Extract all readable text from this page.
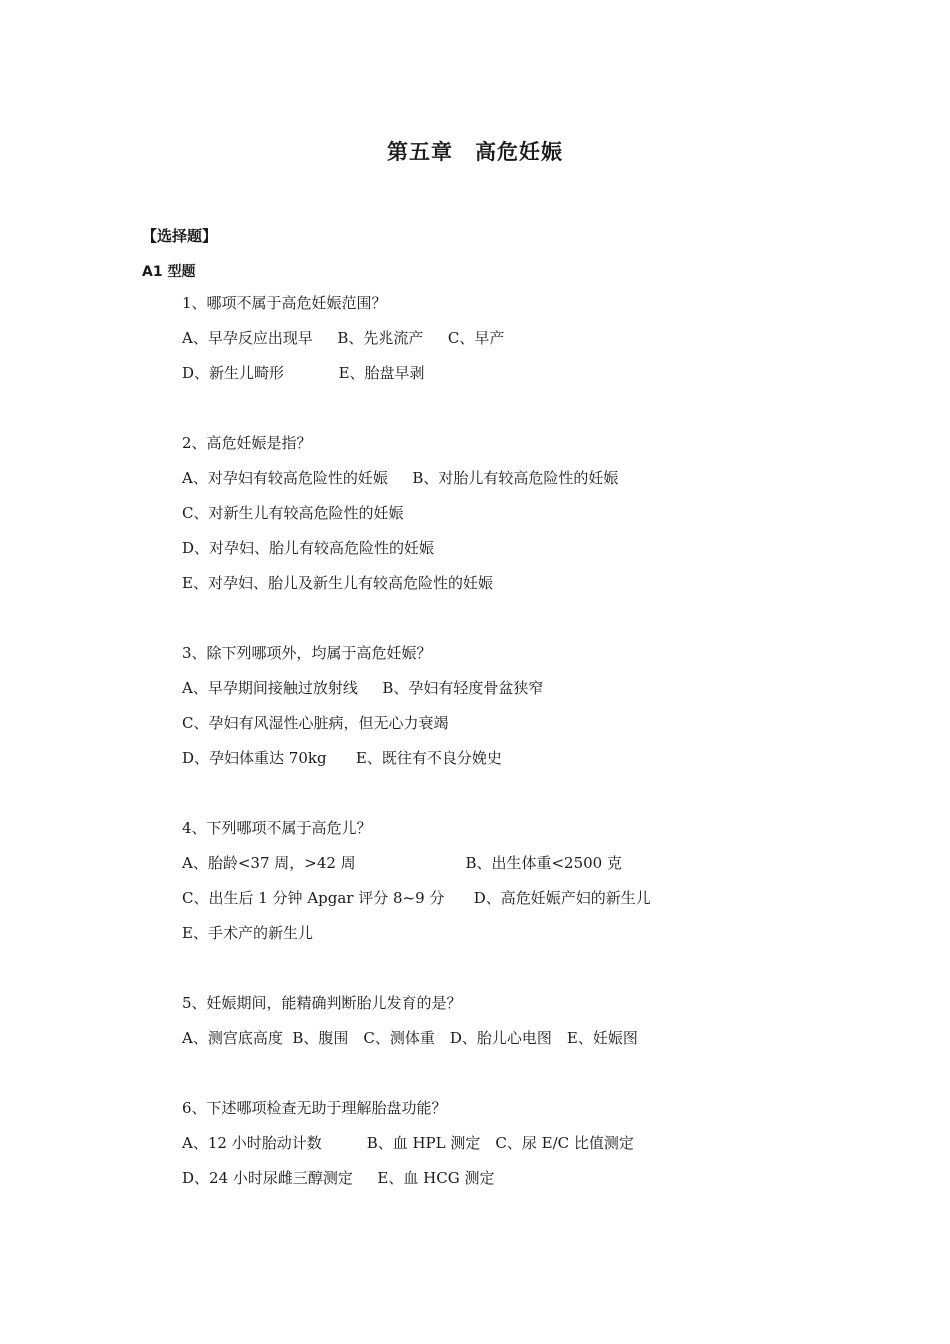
第五章　高危妊娠
【选择题】
A1 型题
1、哪项不属于高危妊娠范围？
A、早孕反应出现早　  B、先兆流产　  C、早产
D、新生儿畸形　　　  E、胎盘早剥
2、高危妊娠是指？
A、对孕妇有较高危险性的妊娠　  B、对胎儿有较高危险性的妊娠
C、对新生儿有较高危险性的妊娠
D、对孕妇、胎儿有较高危险性的妊娠
E、对孕妇、胎儿及新生儿有较高危险性的妊娠
3、除下列哪项外，均属于高危妊娠？
A、早孕期间接触过放射线　  B、孕妇有轻度骨盆狭窄
C、孕妇有风湿性心脏病，但无心力衰竭
D、孕妇体重达 70kg　   E、既往有不良分娩史
4、下列哪项不属于高危儿？
A、胎龄<37 周，>42 周　　　　　　　 B、出生体重<2500 克
C、出生后 1 分钟 Apgar 评分 8~9 分　   D、高危妊娠产妇的新生儿
E、手术产的新生儿
5、妊娠期间，能精确判断胎儿发育的是？
A、测宫底高度  B、腹围　C、测体重　D、胎儿心电图　E、妊娠图
6、下述哪项检查无助于理解胎盘功能？
A、12 小时胎动计数　　　B、血 HPL 测定　C、尿 E/C 比值测定
D、24 小时尿雌三醇测定　  E、血 HCG 测定
